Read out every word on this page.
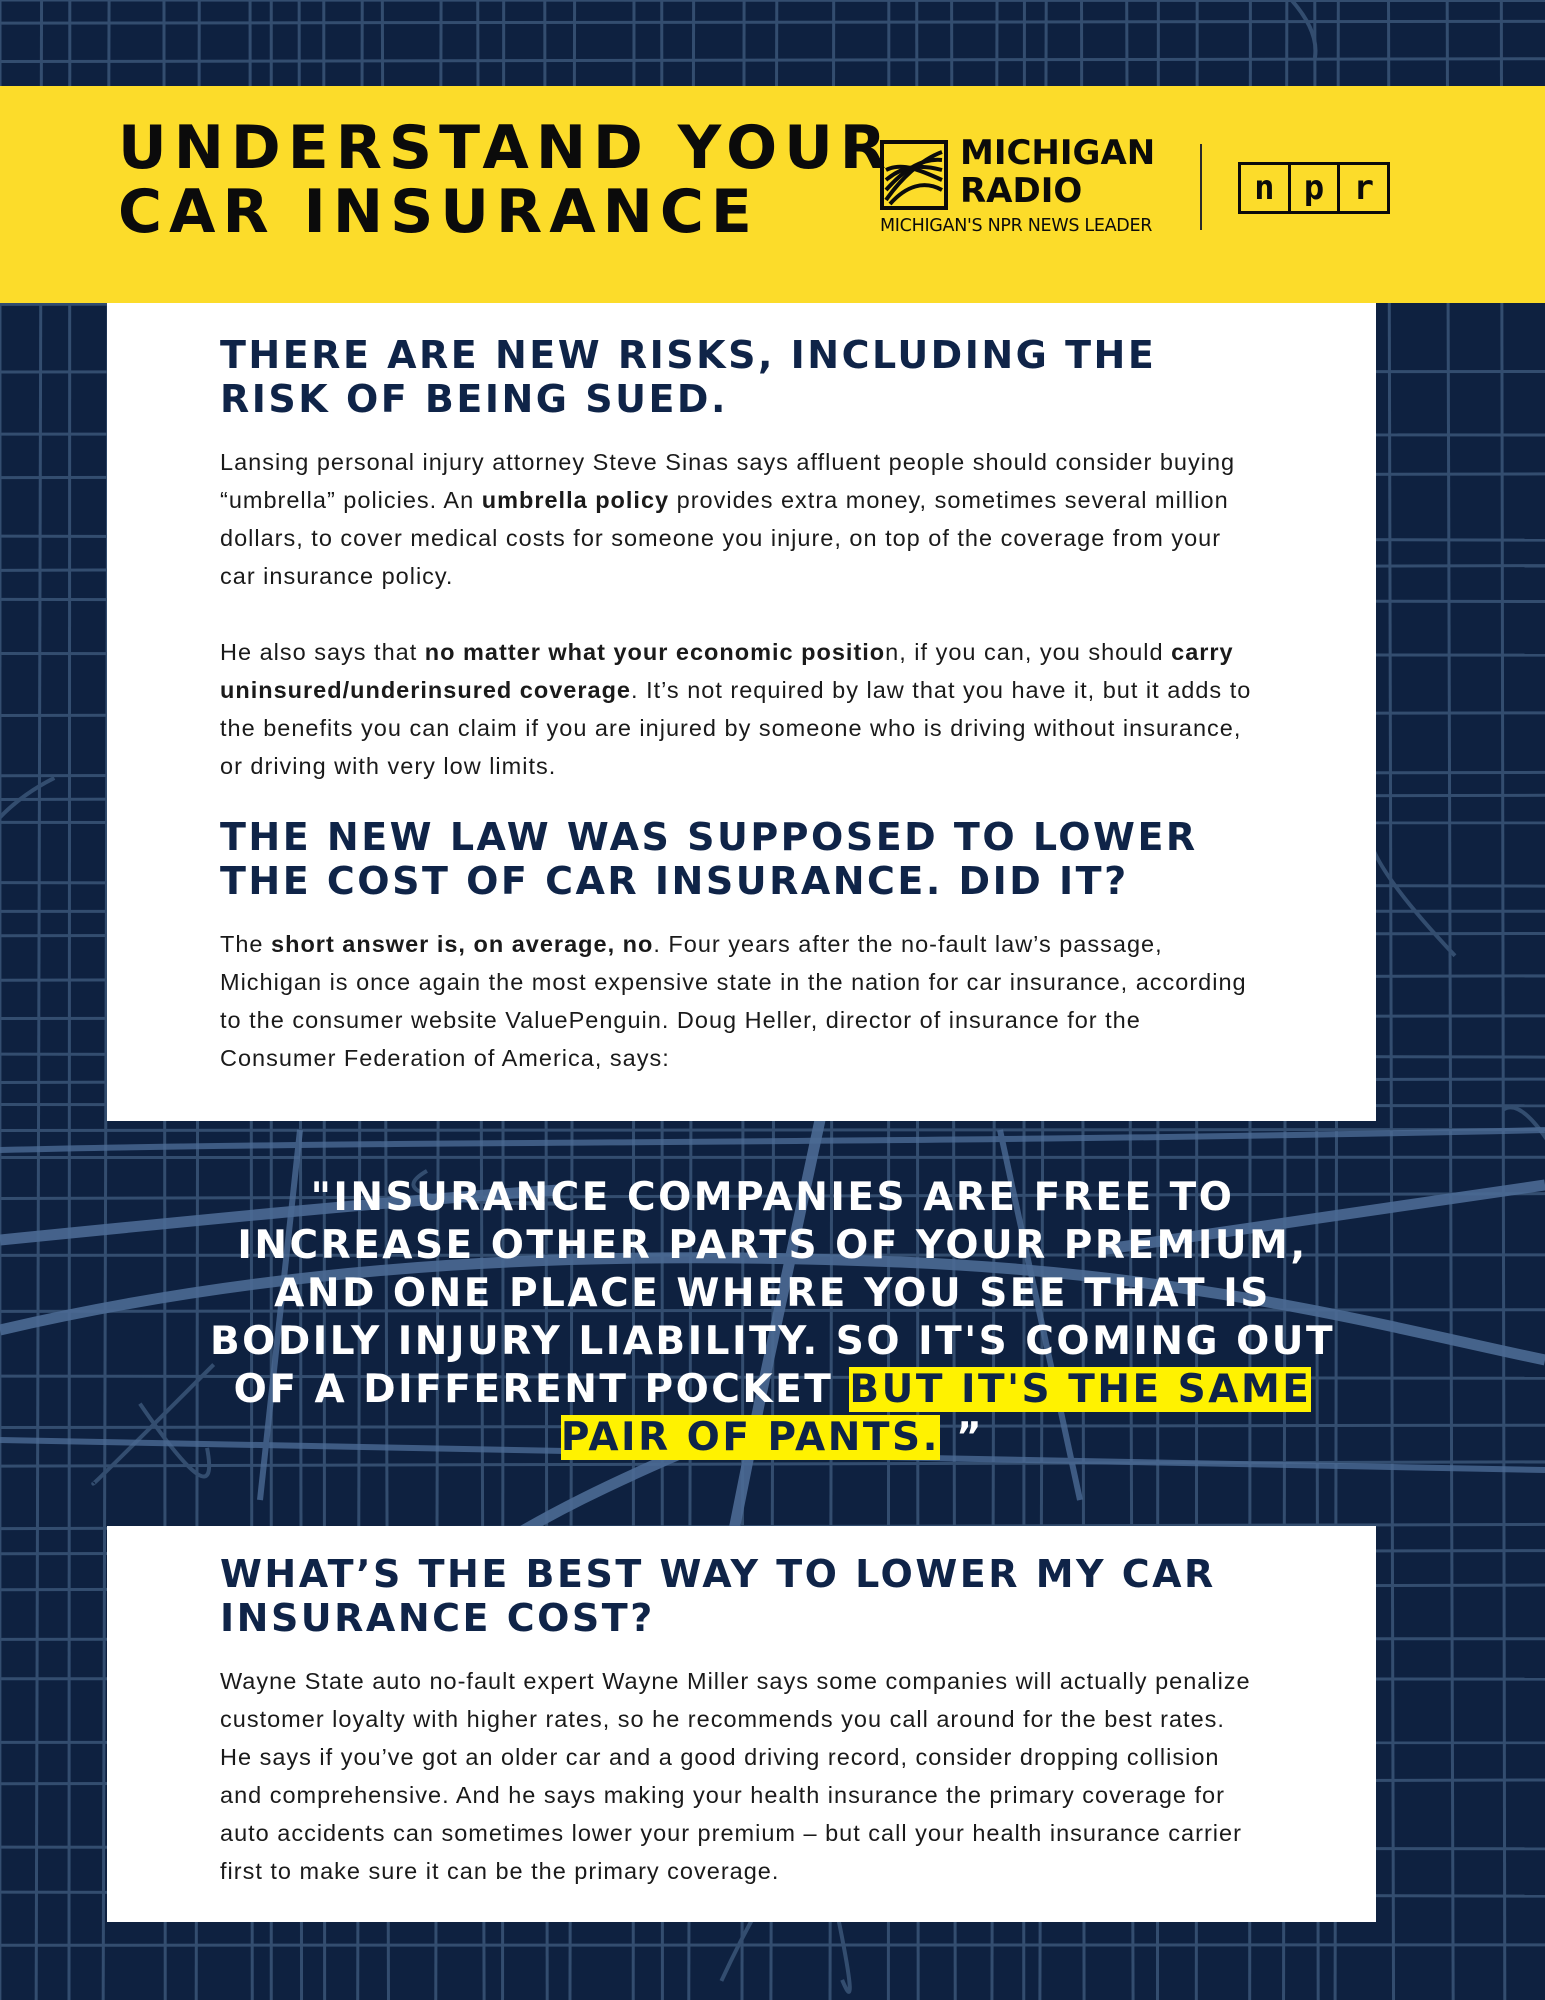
UNDERSTAND YOUR
CAR INSURANCE
MICHIGAN
RADIO
MICHIGAN'S NPR NEWS LEADER
n p r
THERE ARE NEW RISKS, INCLUDING THE RISK OF BEING SUED.

Lansing personal injury attorney Steve Sinas says affluent people should consider buying “umbrella” policies. An umbrella policy provides extra money, sometimes several million dollars, to cover medical costs for someone you injure, on top of the coverage from your car insurance policy.

He also says that no matter what your economic position, if you can, you should carry uninsured/underinsured coverage. It’s not required by law that you have it, but it adds to the benefits you can claim if you are injured by someone who is driving without insurance, or driving with very low limits.

THE NEW LAW WAS SUPPOSED TO LOWER THE COST OF CAR INSURANCE. DID IT?

The short answer is, on average, no. Four years after the no-fault law’s passage, Michigan is once again the most expensive state in the nation for car insurance, according to the consumer website ValuePenguin. Doug Heller, director of insurance for the Consumer Federation of America, says:

"INSURANCE COMPANIES ARE FREE TO INCREASE OTHER PARTS OF YOUR PREMIUM, AND ONE PLACE WHERE YOU SEE THAT IS BODILY INJURY LIABILITY. SO IT'S COMING OUT OF A DIFFERENT POCKET BUT IT'S THE SAME PAIR OF PANTS. ”
WHAT’S THE BEST WAY TO LOWER MY CAR INSURANCE COST?

Wayne State auto no-fault expert Wayne Miller says some companies will actually penalize customer loyalty with higher rates, so he recommends you call around for the best rates. He says if you’ve got an older car and a good driving record, consider dropping collision and comprehensive. And he says making your health insurance the primary coverage for auto accidents can sometimes lower your premium – but call your health insurance carrier first to make sure it can be the primary coverage.
